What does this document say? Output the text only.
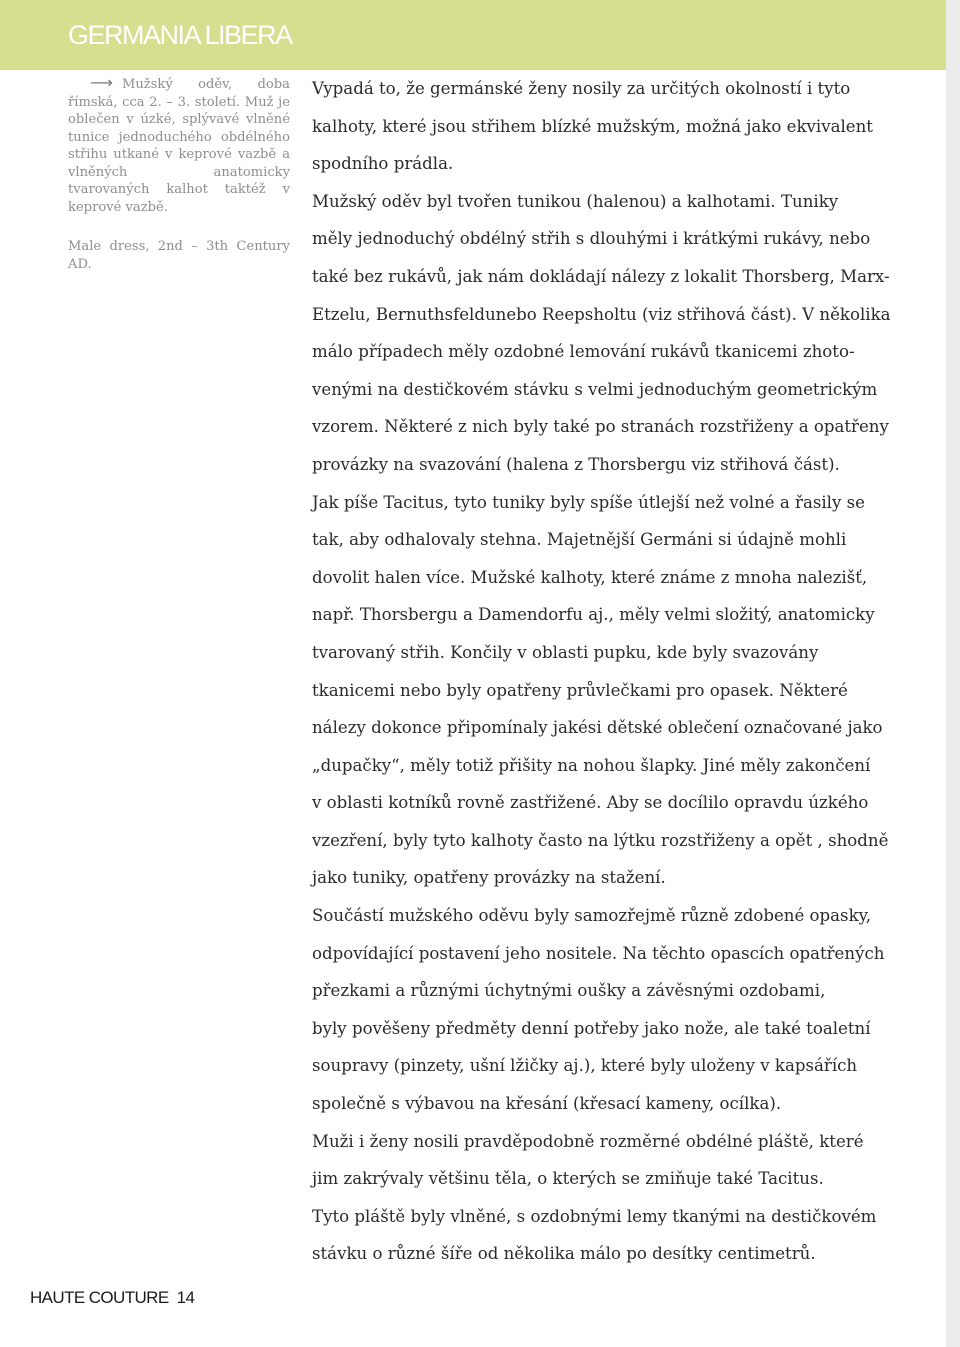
GERMANIA LIBERA

⟶ Mužský oděv, doba římská, cca 2. – 3. století. Muž je oblečen v úzké, splývavé vlněné tunice jednoduchého obdélného střihu utkané v keprové vazbě a vlněných anatomicky tvarovaných kalhot taktéž v keprové vazbě.

Male dress, 2nd – 3th Century AD.

Vypadá to, že germánské ženy nosily za určitých okolností i tyto
kalhoty, které jsou střihem blízké mužským, možná jako ekvivalent
spodního prádla.
Mužský oděv byl tvořen tunikou (halenou) a kalhotami. Tuniky
měly jednoduchý obdélný střih s dlouhými i krátkými rukávy, nebo
také bez rukávů, jak nám dokládají nálezy z lokalit Thorsberg, Marx-
Etzelu, Bernuthsfeldunebo Reepsholtu (viz střihová část). V několika
málo případech měly ozdobné lemování rukávů tkanicemi zhoto-
venými na destičkovém stávku s velmi jednoduchým geometrickým
vzorem. Některé z nich byly také po stranách rozstřiženy a opatřeny
provázky na svazování (halena z Thorsbergu viz střihová část).
Jak píše Tacitus, tyto tuniky byly spíše útlejší než volné a řasily se
tak, aby odhalovaly stehna. Majetnější Germáni si údajně mohli
dovolit halen více. Mužské kalhoty, které známe z mnoha nalezišť,
např. Thorsbergu a Damendorfu aj., měly velmi složitý, anatomicky
tvarovaný střih. Končily v oblasti pupku, kde byly svazovány
tkanicemi nebo byly opatřeny průvlečkami pro opasek. Některé
nálezy dokonce připomínaly jakési dětské oblečení označované jako
„dupačky“, měly totiž přišity na nohou šlapky. Jiné měly zakončení
v oblasti kotníků rovně zastřižené. Aby se docílilo opravdu úzkého
vzezření, byly tyto kalhoty často na lýtku rozstřiženy a opět , shodně
jako tuniky, opatřeny provázky na stažení.
Součástí mužského oděvu byly samozřejmě různě zdobené opasky,
odpovídající postavení jeho nositele. Na těchto opascích opatřených
přezkami a různými úchytnými oušky a závěsnými ozdobami,
byly pověšeny předměty denní potřeby jako nože, ale také toaletní
soupravy (pinzety, ušní lžičky aj.), které byly uloženy v kapsářích
společně s výbavou na křesání (křesací kameny, ocílka).
Muži i ženy nosili pravděpodobně rozměrné obdélné pláště, které
jim zakrývaly většinu těla, o kterých se zmiňuje také Tacitus.
Tyto pláště byly vlněné, s ozdobnými lemy tkanými na destičkovém
stávku o různé šíře od několika málo po desítky centimetrů.
HAUTE COUTURE 14
